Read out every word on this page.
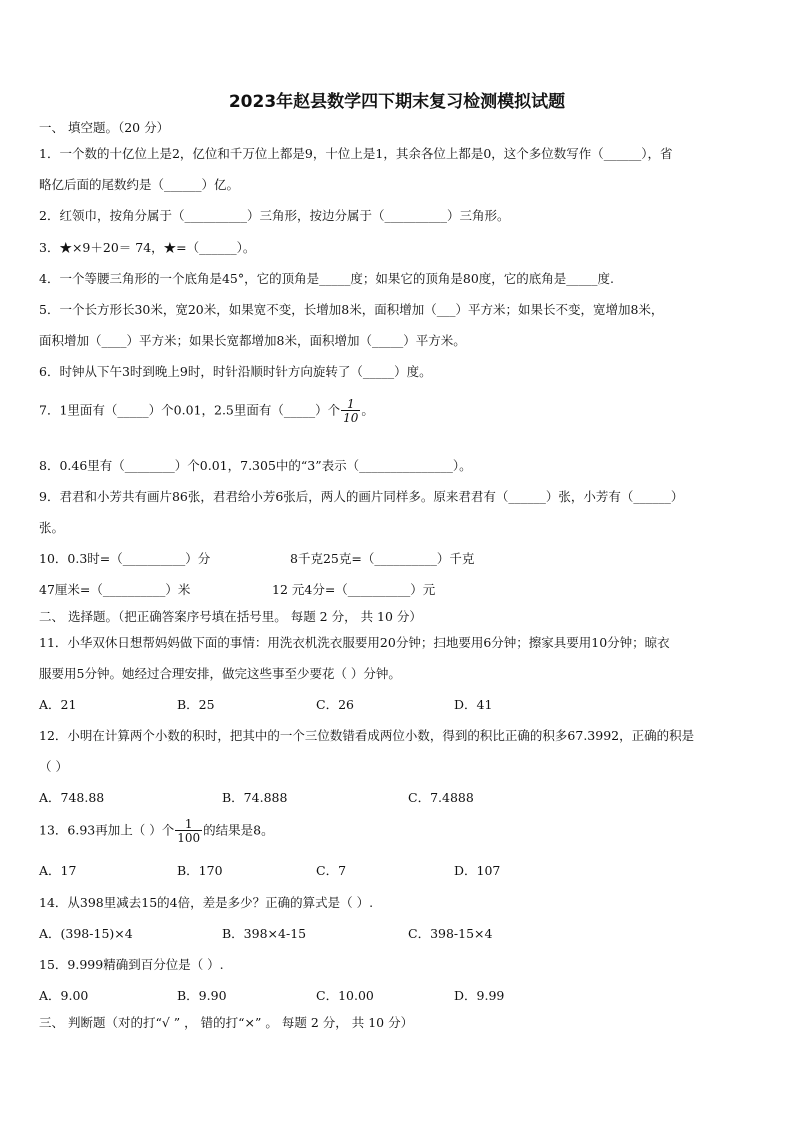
2023年赵县数学四下期末复习检测模拟试题
一、 填空题。（20 分）
1．一个数的十亿位上是2，亿位和千万位上都是9，十位上是1，其余各位上都是0，这个多位数写作（______），省
略亿后面的尾数约是（______）亿。
2．红领巾，按角分属于（__________）三角形，按边分属于（__________）三角形。
3．★×9＋20＝ 74，★=（______）。
4．一个等腰三角形的一个底角是45°，它的顶角是_____度；如果它的顶角是80度，它的底角是_____度.
5．一个长方形长30米，宽20米，如果宽不变，长增加8米，面积增加（___）平方米；如果长不变，宽增加8米，
面积增加（____）平方米；如果长宽都增加8米，面积增加（_____）平方米。
6．时钟从下午3时到晚上9时，时针沿顺时针方向旋转了（_____）度。
7．1里面有（_____）个0.01，2.5里面有（_____）个 $\frac{1}{10}$ 。
8．0.46里有（________）个0.01，7.305中的“3”表示（_______________）。
9．君君和小芳共有画片86张，君君给小芳6张后，两人的画片同样多。原来君君有（______）张，小芳有（______）
张。
10．0.3时=（__________）分	8千克25克=（__________）千克
47厘米=（__________）米	12 元4分=（__________）元
二、 选择题。（把正确答案序号填在括号里。 每题 2 分， 共 10 分）
11．小华双休日想帮妈妈做下面的事情：用洗衣机洗衣服要用20分钟；扫地要用6分钟；擦家具要用10分钟；晾衣
服要用5分钟。她经过合理安排，做完这些事至少要花（ ）分钟。
A．21	B．25	C．26	D．41
12．小明在计算两个小数的积时，把其中的一个三位数错看成两位小数，得到的积比正确的积多67.3992，正确的积是
（ ）
A．748.88	B．74.888	C．7.4888
13．6.93再加上（ ）个 $\frac{1}{100}$ 的结果是8。
A．17	B．170	C．7	D．107
14．从398里减去15的4倍，差是多少？正确的算式是（ ）.
A．(398-15)×4	B．398×4-15	C．398-15×4
15．9.999精确到百分位是（ ）.
A．9.00	B．9.90	C．10.00	D．9.99
三、 判断题（对的打“√ ” ， 错的打“×” 。 每题 2 分， 共 10 分）
